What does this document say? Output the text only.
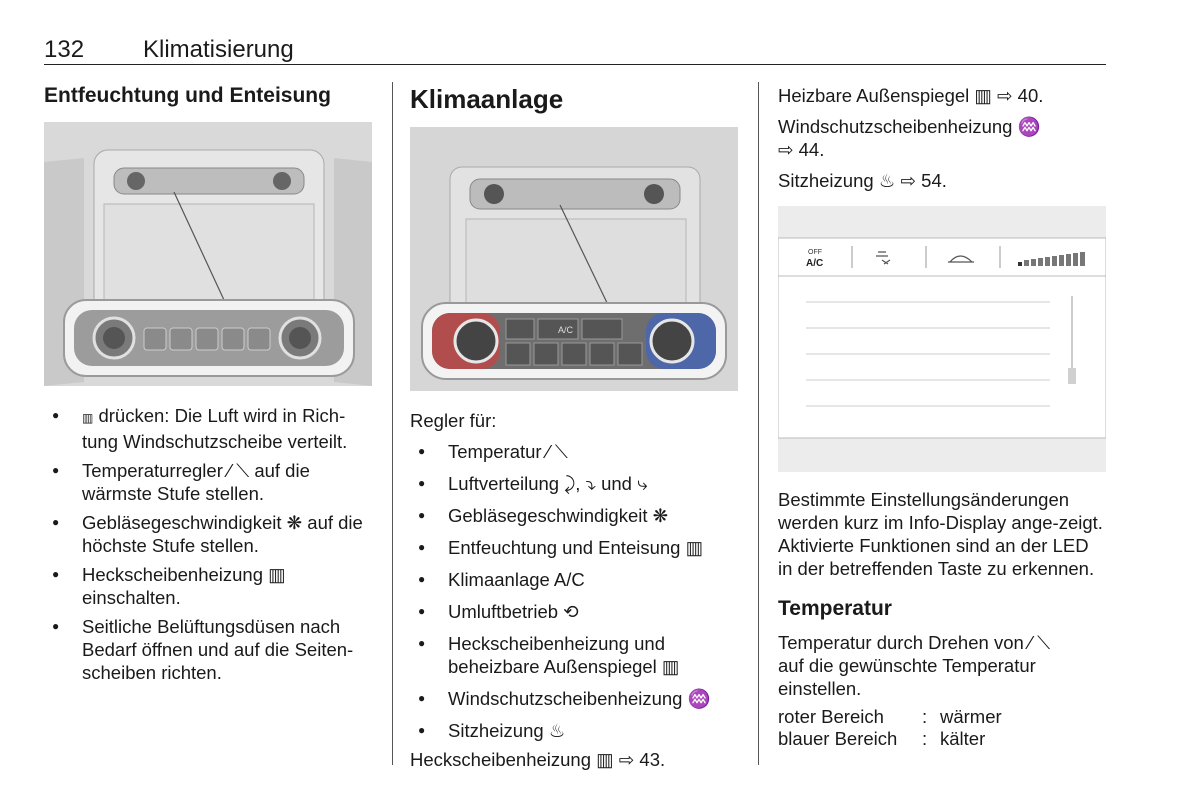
132 Klimatisierung
Entfeuchtung und Enteisung
● ▥ drücken: Die Luft wird in Rich-tung Windschutzscheibe verteilt.
● Temperaturregler ⁄ ⟍ auf die wärmste Stufe stellen.
● Gebläsegeschwindigkeit ❋ auf die höchste Stufe stellen.
● Heckscheibenheizung ▥ einschalten.
● Seitliche Belüftungsdüsen nach Bedarf öffnen und auf die Seiten-scheiben richten.
Klimaanlage
A/C

Regler für:

● Temperatur ⁄ ⟍
● Luftverteilung ⤸, ⤵ und ⤷
● Gebläsegeschwindigkeit ❋
● Entfeuchtung und Enteisung ▥
● Klimaanlage A/C
● Umluftbetrieb ⟲
● Heckscheibenheizung und beheizbare Außenspiegel ▥
● Windschutzscheibenheizung ♒
● Sitzheizung ♨

Heckscheibenheizung ▥ ⇨ 43.

Heizbare Außenspiegel ▥ ⇨ 40.

Windschutzscheibenheizung ♒

⇨ 44.

Sitzheizung ♨ ⇨ 54.

OFF
A/C

Bestimmte Einstellungsänderungen werden kurz im Info-Display ange-zeigt. Aktivierte Funktionen sind an der LED in der betreffenden Taste zu erkennen.

Temperatur

Temperatur durch Drehen von ⁄ ⟍ auf die gewünschte Temperatur einstellen.

roter Bereich : wärmer
blauer Bereich : kälter
